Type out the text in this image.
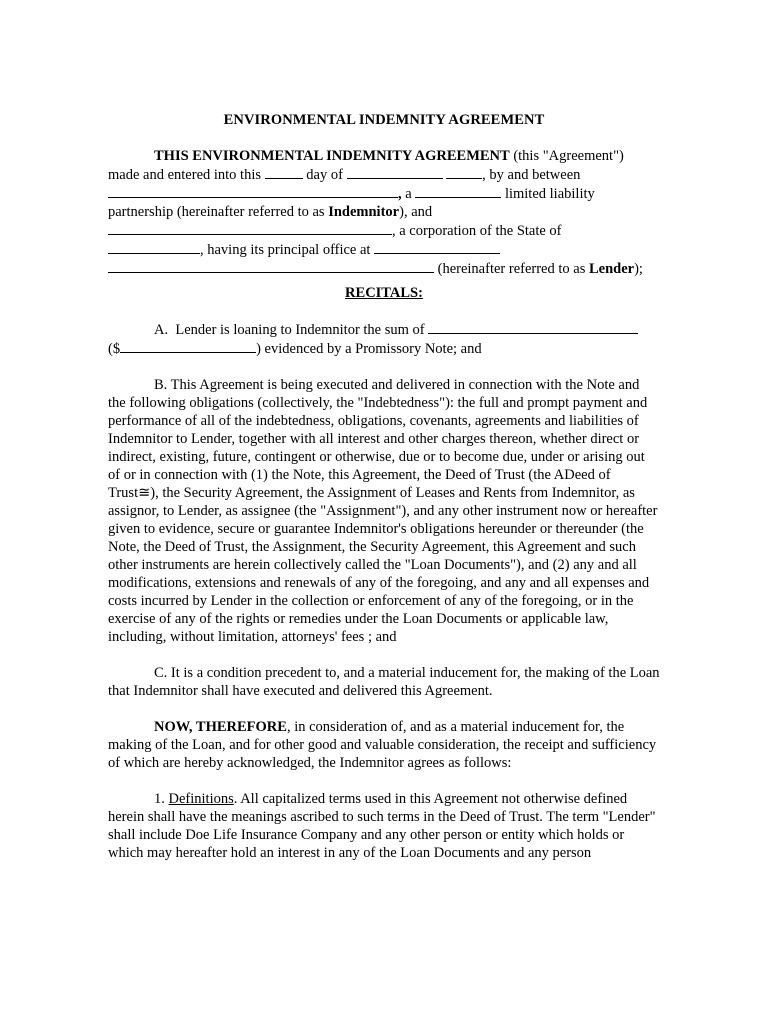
ENVIRONMENTAL INDEMNITY AGREEMENT

THIS ENVIRONMENTAL INDEMNITY AGREEMENT (this "Agreement")
made and entered into this	day of	, by and between
, a	limited liability
partnership (hereinafter referred to as Indemnitor), and
, a corporation of the State of
, having its principal office at
(hereinafter referred to as Lender);

RECITALS:

A.  Lender is loaning to Indemnitor the sum of
($	) evidenced by a Promissory Note; and

B. This Agreement is being executed and delivered in connection with the Note and the following obligations (collectively, the "Indebtedness"): the full and prompt payment and performance of all of the indebtedness, obligations, covenants, agreements and liabilities of Indemnitor to Lender, together with all interest and other charges thereon, whether direct or indirect, existing, future, contingent or otherwise, due or to become due, under or arising out of or in connection with (1) the Note, this Agreement, the Deed of Trust (the ADeed of Trust≅), the Security Agreement, the Assignment of Leases and Rents from Indemnitor, as assignor, to Lender, as assignee (the "Assignment"), and any other instrument now or hereafter given to evidence, secure or guarantee Indemnitor's obligations hereunder or thereunder (the Note, the Deed of Trust, the Assignment, the Security Agreement, this Agreement and such other instruments are herein collectively called the "Loan Documents"), and (2) any and all modifications, extensions and renewals of any of the foregoing, and any and all expenses and costs incurred by Lender in the collection or enforcement of any of the foregoing, or in the exercise of any of the rights or remedies under the Loan Documents or applicable law, including, without limitation, attorneys' fees ; and

C. It is a condition precedent to, and a material inducement for, the making of the Loan that Indemnitor shall have executed and delivered this Agreement.

NOW, THEREFORE, in consideration of, and as a material inducement for, the making of the Loan, and for other good and valuable consideration, the receipt and sufficiency of which are hereby acknowledged, the Indemnitor agrees as follows:

1. Definitions. All capitalized terms used in this Agreement not otherwise defined herein shall have the meanings ascribed to such terms in the Deed of Trust. The term "Lender" shall include Doe Life Insurance Company and any other person or entity which holds or which may hereafter hold an interest in any of the Loan Documents and any person
